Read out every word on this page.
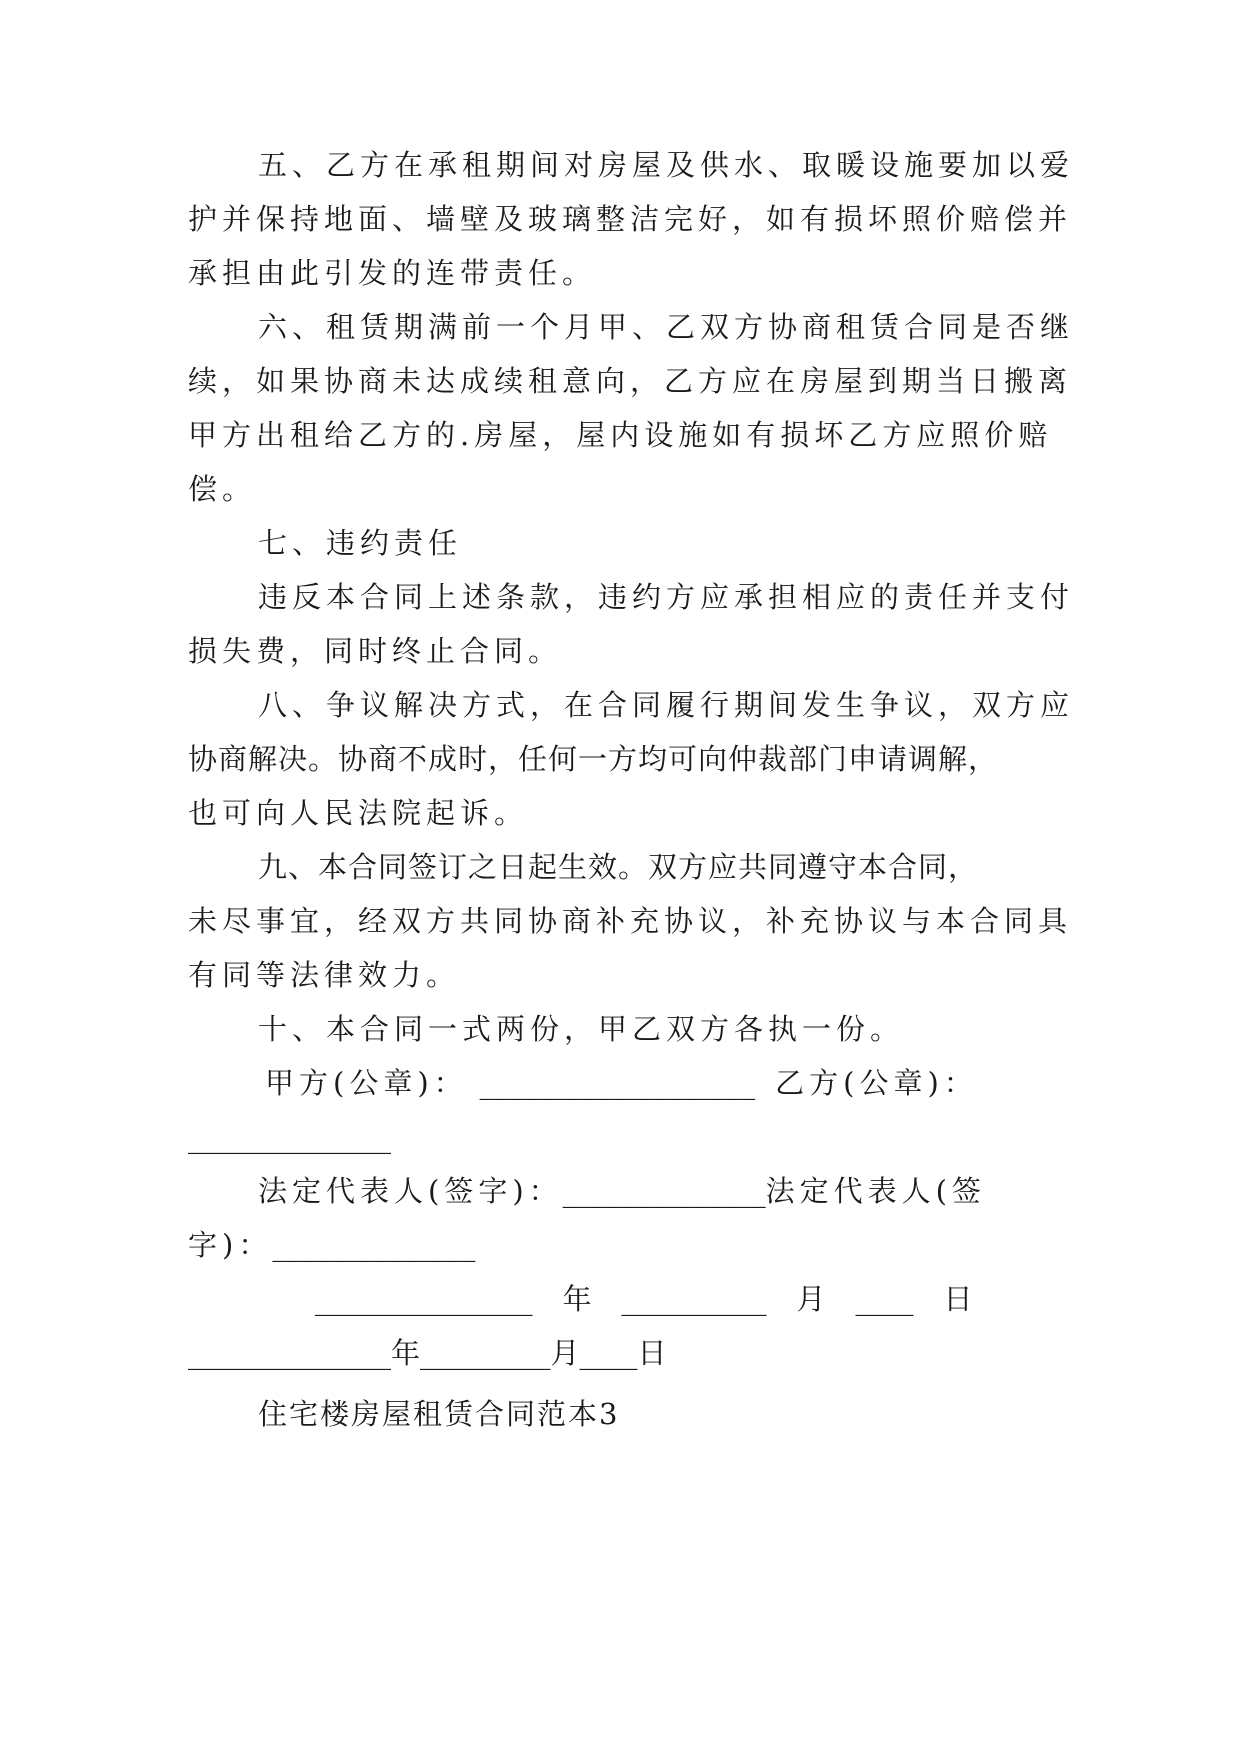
五、乙方在承租期间对房屋及供水、取暖设施要加以爱
护并保持地面、墙壁及玻璃整洁完好，如有损坏照价赔偿并
承担由此引发的连带责任。
六、租赁期满前一个月甲、乙双方协商租赁合同是否继
续，如果协商未达成续租意向，乙方应在房屋到期当日搬离
甲方出租给乙方的.房屋，屋内设施如有损坏乙方应照价赔
偿。
七、违约责任
违反本合同上述条款，违约方应承担相应的责任并支付
损失费，同时终止合同。
八、争议解决方式，在合同履行期间发生争议，双方应
协商解决。协商不成时，任何一方均可向仲裁部门申请调解，
也可向人民法院起诉。
九、本合同签订之日起生效。双方应共同遵守本合同，
未尽事宜，经双方共同协商补充协议，补充协议与本合同具
有同等法律效力。
十、本合同一式两份，甲乙双方各执一份。
甲方(公章)： ___________________ 乙方(公章)：
______________
法定代表人(签字)：______________法定代表人(签
字)：______________
_______________ 年 __________ 月 ____ 日
______________年_________月____日
住宅楼房屋租赁合同范本3
